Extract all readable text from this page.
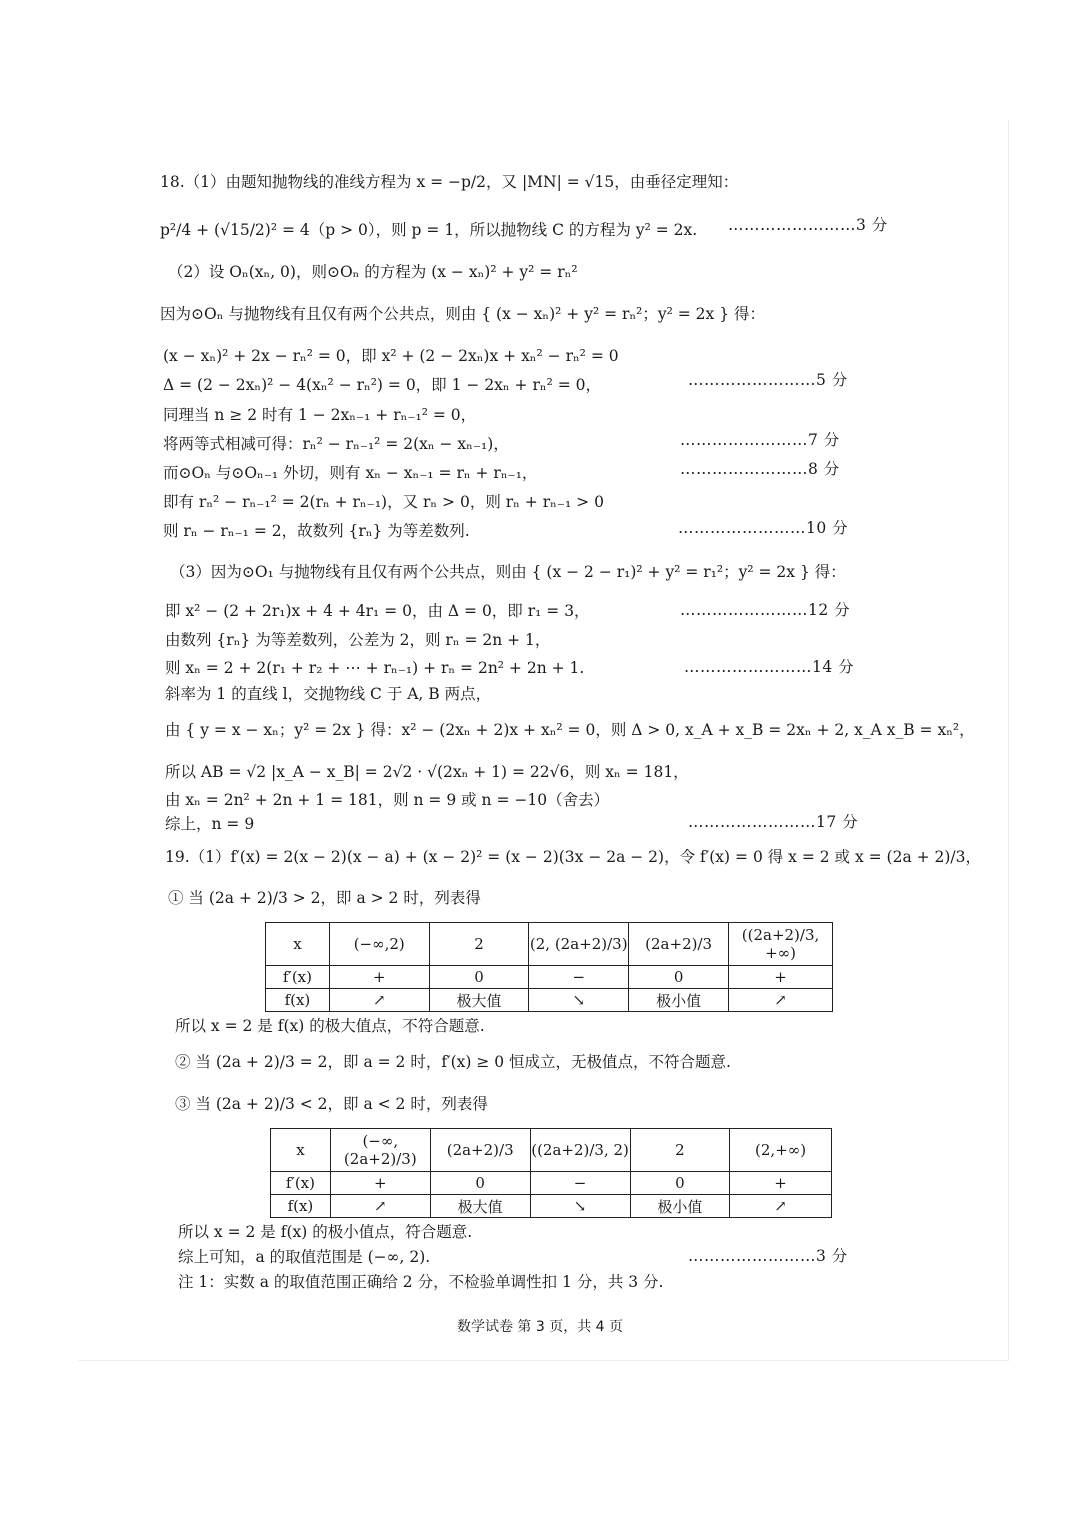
18.（1）由题知抛物线的准线方程为 x = −p/2，又 |MN| = √15，由垂径定理知：
p²/4 + (√15/2)² = 4（p > 0），则 p = 1，所以抛物线 C 的方程为 y² = 2x. ……………………3 分
（2）设 Oₙ(xₙ, 0)，则⊙Oₙ 的方程为 (x − xₙ)² + y² = rₙ²
因为⊙Oₙ 与抛物线有且仅有两个公共点，则由 { (x − xₙ)² + y² = rₙ²；y² = 2x } 得：
(x − xₙ)² + 2x − rₙ² = 0，即 x² + (2 − 2xₙ)x + xₙ² − rₙ² = 0
Δ = (2 − 2xₙ)² − 4(xₙ² − rₙ²) = 0，即 1 − 2xₙ + rₙ² = 0，	……………………5 分
同理当 n ≥ 2 时有 1 − 2xₙ₋₁ + rₙ₋₁² = 0，
将两等式相减可得：rₙ² − rₙ₋₁² = 2(xₙ − xₙ₋₁)，	……………………7 分
而⊙Oₙ 与⊙Oₙ₋₁ 外切，则有 xₙ − xₙ₋₁ = rₙ + rₙ₋₁，	……………………8 分
即有 rₙ² − rₙ₋₁² = 2(rₙ + rₙ₋₁)，又 rₙ > 0，则 rₙ + rₙ₋₁ > 0
则 rₙ − rₙ₋₁ = 2，故数列 {rₙ} 为等差数列.	……………………10 分
（3）因为⊙O₁ 与抛物线有且仅有两个公共点，则由 { (x − 2 − r₁)² + y² = r₁²；y² = 2x } 得：
即 x² − (2 + 2r₁)x + 4 + 4r₁ = 0，由 Δ = 0，即 r₁ = 3，	……………………12 分
由数列 {rₙ} 为等差数列，公差为 2，则 rₙ = 2n + 1，
则 xₙ = 2 + 2(r₁ + r₂ + ⋯ + rₙ₋₁) + rₙ = 2n² + 2n + 1.	……………………14 分
斜率为 1 的直线 l，交抛物线 C 于 A, B 两点，
由 { y = x − xₙ；y² = 2x } 得：x² − (2xₙ + 2)x + xₙ² = 0，则 Δ > 0, x_A + x_B = 2xₙ + 2, x_A x_B = xₙ²，
所以 AB = √2 |x_A − x_B| = 2√2 · √(2xₙ + 1) = 22√6，则 xₙ = 181，
由 xₙ = 2n² + 2n + 1 = 181，则 n = 9 或 n = −10（舍去）
综上，n = 9	……………………17 分
19.（1）f′(x) = 2(x − 2)(x − a) + (x − 2)² = (x − 2)(3x − 2a − 2)，令 f′(x) = 0 得 x = 2 或 x = (2a + 2)/3，
① 当 (2a + 2)/3 > 2，即 a > 2 时，列表得
x	(−∞,2)	2	(2, (2a+2)/3)	(2a+2)/3	((2a+2)/3, +∞)
f′(x)	+	0	−	0	+
f(x)	↗	极大值	↘	极小值	↗
所以 x = 2 是 f(x) 的极大值点，不符合题意.
② 当 (2a + 2)/3 = 2，即 a = 2 时，f′(x) ≥ 0 恒成立，无极值点，不符合题意.
③ 当 (2a + 2)/3 < 2，即 a < 2 时，列表得
x	(−∞, (2a+2)/3)	(2a+2)/3	((2a+2)/3, 2)	2	(2,+∞)
f′(x)	+	0	−	0	+
f(x)	↗	极大值	↘	极小值	↗
所以 x = 2 是 f(x) 的极小值点，符合题意.
综上可知，a 的取值范围是 (−∞, 2).	……………………3 分
注 1：实数 a 的取值范围正确给 2 分，不检验单调性扣 1 分，共 3 分.
数学试卷 第 3 页，共 4 页
